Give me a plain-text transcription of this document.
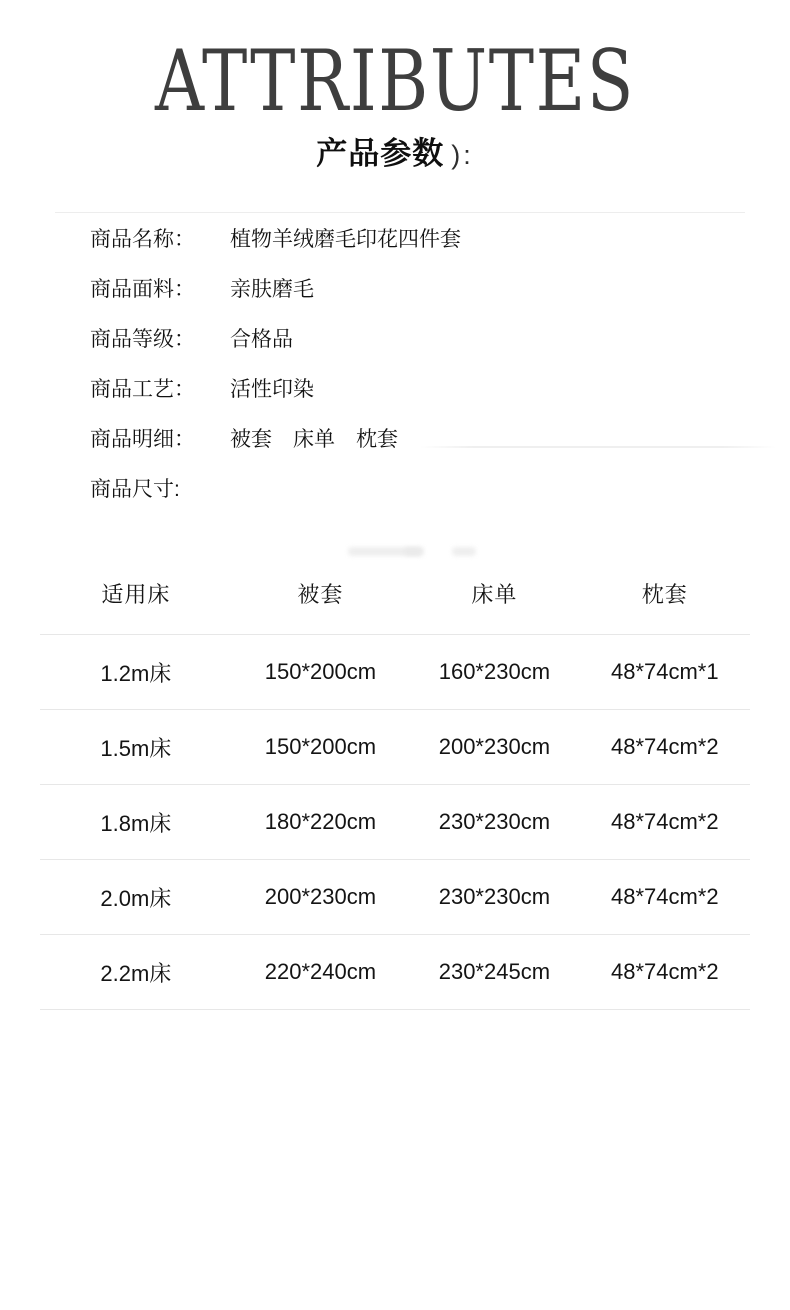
ATTRIBUTES
产品参数 ):
商品名称：	植物羊绒磨毛印花四件套
商品面料：	亲肤磨毛
商品等级：	合格品
商品工艺：	活性印染
商品明细：	被套　床单　枕套
商品尺寸:
适用床	被套	床单	枕套
1.2m床	150*200cm	160*230cm	48*74cm*1
1.5m床	150*200cm	200*230cm	48*74cm*2
1.8m床	180*220cm	230*230cm	48*74cm*2
2.0m床	200*230cm	230*230cm	48*74cm*2
2.2m床	220*240cm	230*245cm	48*74cm*2
